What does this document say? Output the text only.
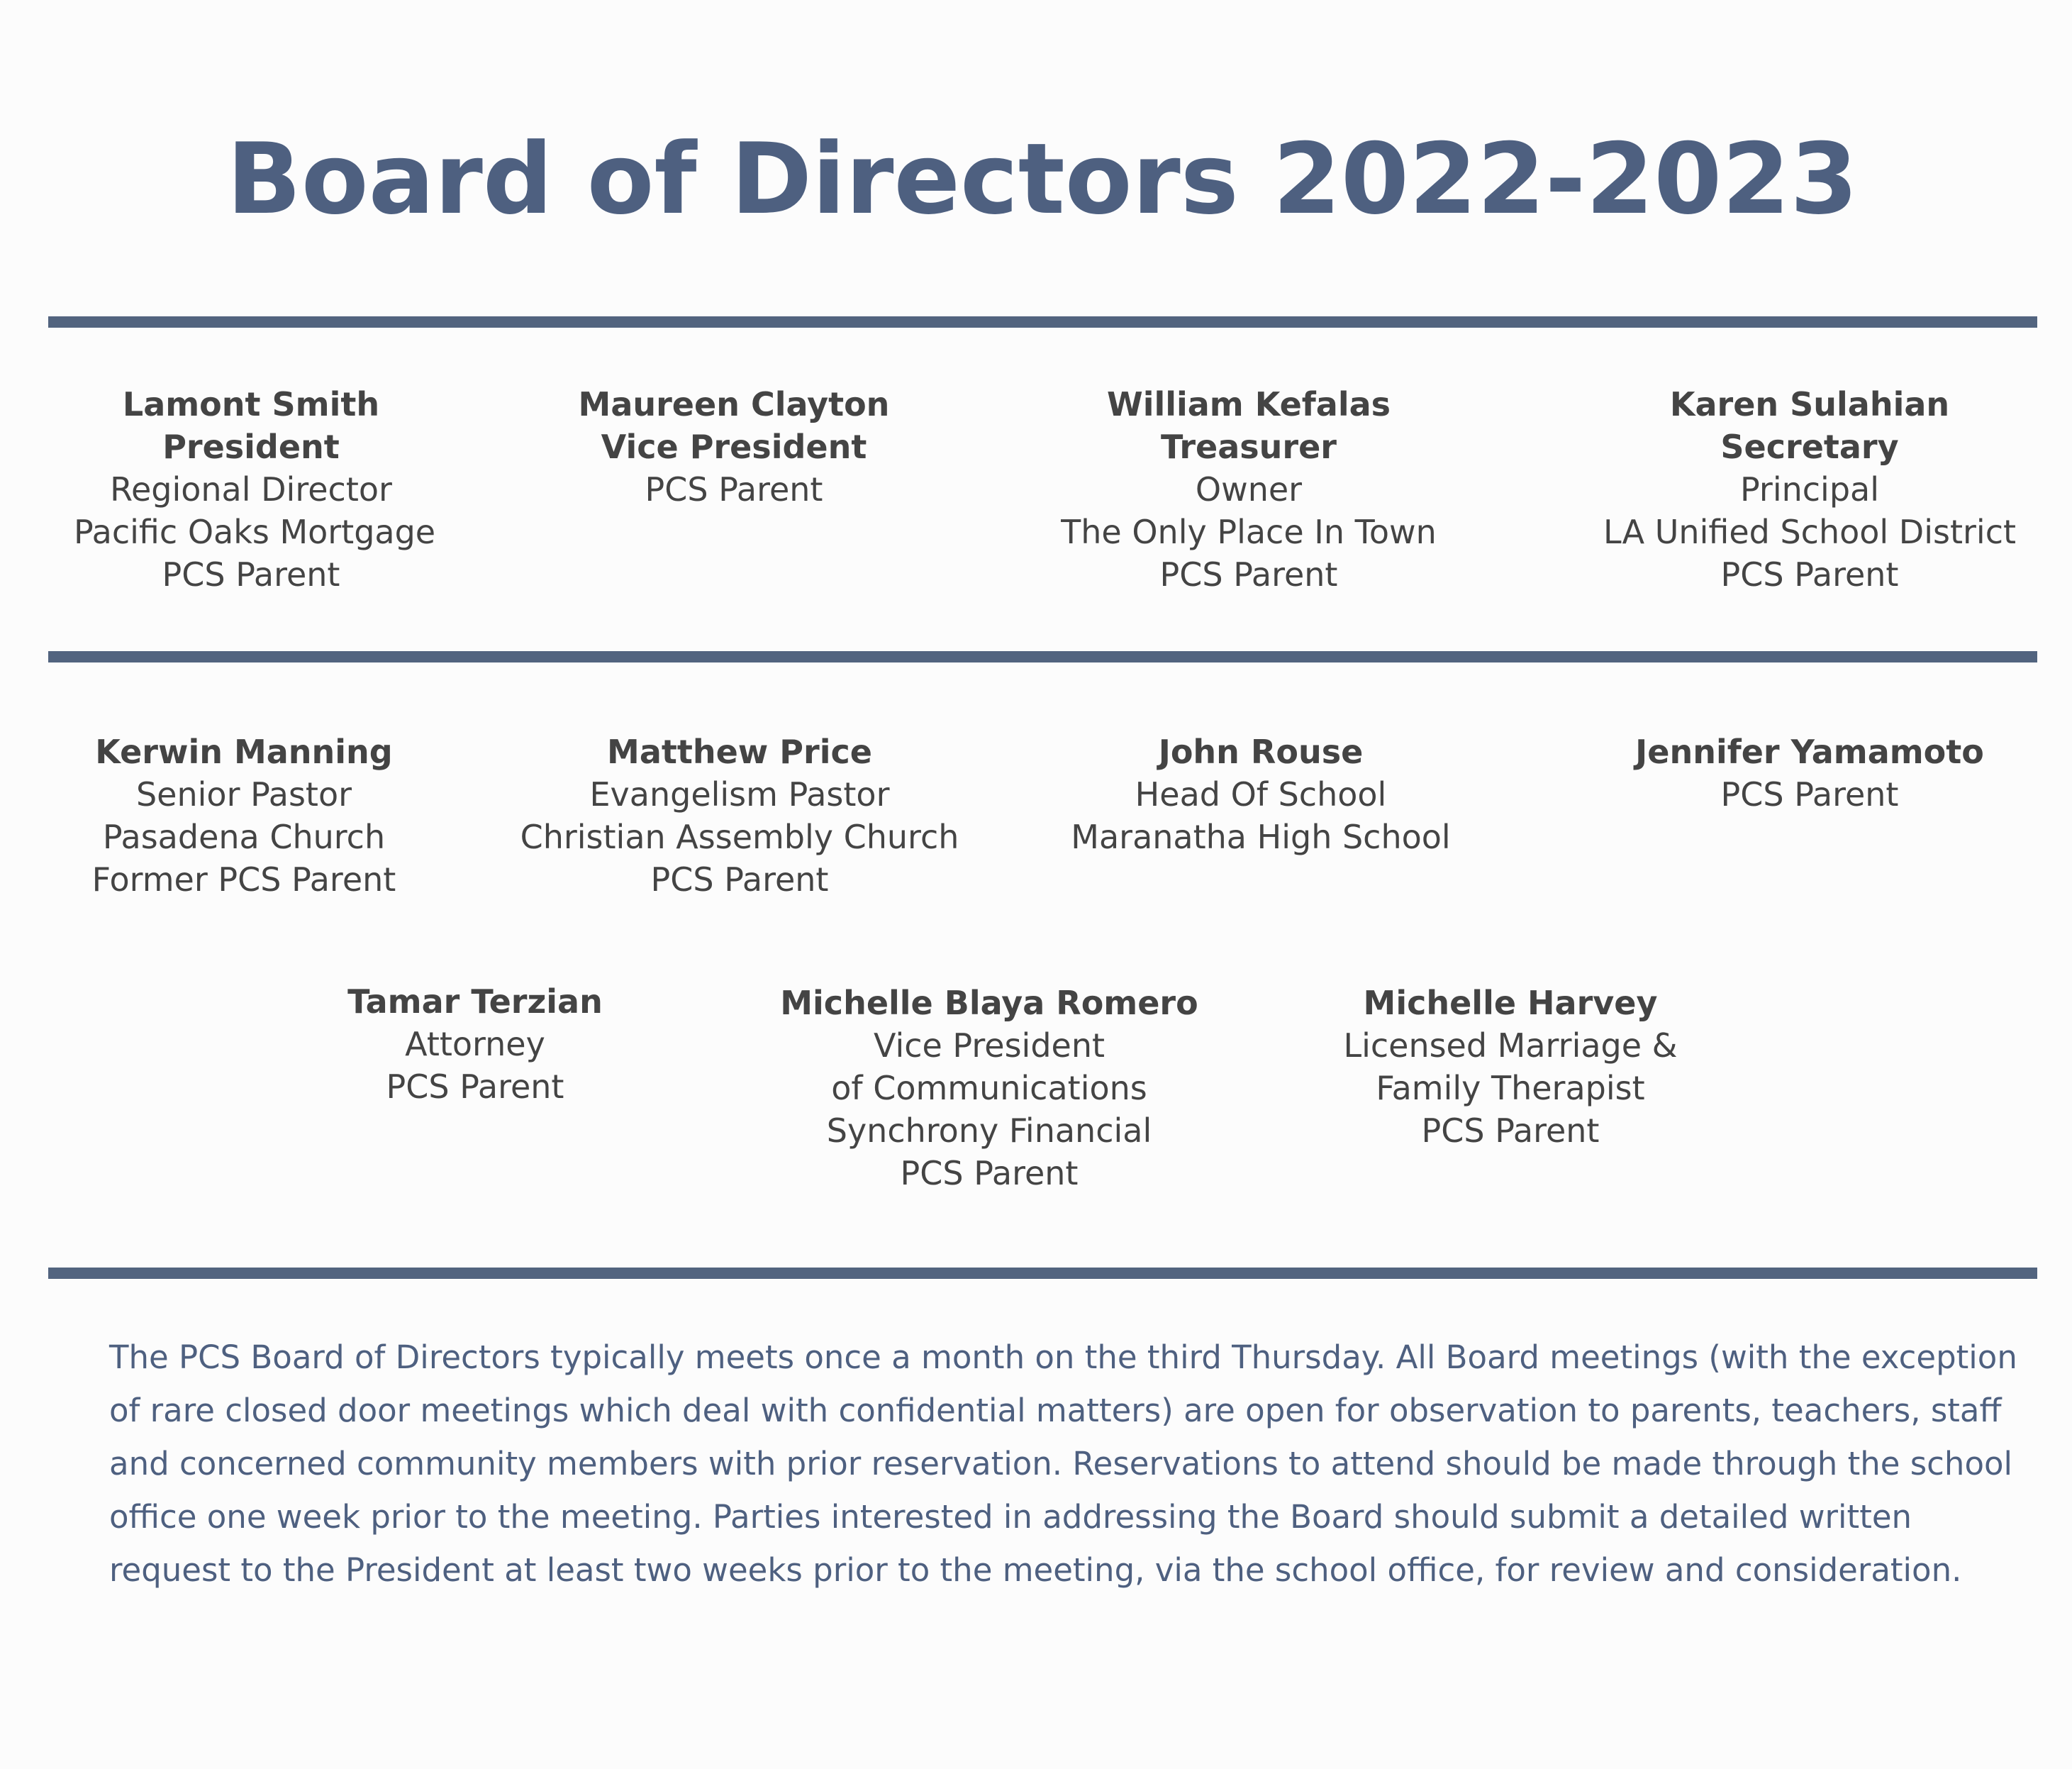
Board of Directors 2022-2023
Lamont Smith
President
Regional Director
Pacific Oaks Mortgage
PCS Parent
Maureen Clayton
Vice President
PCS Parent
William Kefalas
Treasurer
Owner
The Only Place In Town
PCS Parent
Karen Sulahian
Secretary
Principal
LA Unified School District
PCS Parent
Kerwin Manning
Senior Pastor
Pasadena Church
Former PCS Parent
Matthew Price
Evangelism Pastor
Christian Assembly Church
PCS Parent
John Rouse
Head Of School
Maranatha High School
Jennifer Yamamoto
PCS Parent
Tamar Terzian
Attorney
PCS Parent
Michelle Blaya Romero
Vice President
of Communications
Synchrony Financial
PCS Parent
Michelle Harvey
Licensed Marriage &
Family Therapist
PCS Parent
The PCS Board of Directors typically meets once a month on the third Thursday. All Board meetings (with the exception
of rare closed door meetings which deal with confidential matters) are open for observation to parents, teachers, staff
and concerned community members with prior reservation. Reservations to attend should be made through the school
office one week prior to the meeting. Parties interested in addressing the Board should submit a detailed written
request to the President at least two weeks prior to the meeting, via the school office, for review and consideration.
